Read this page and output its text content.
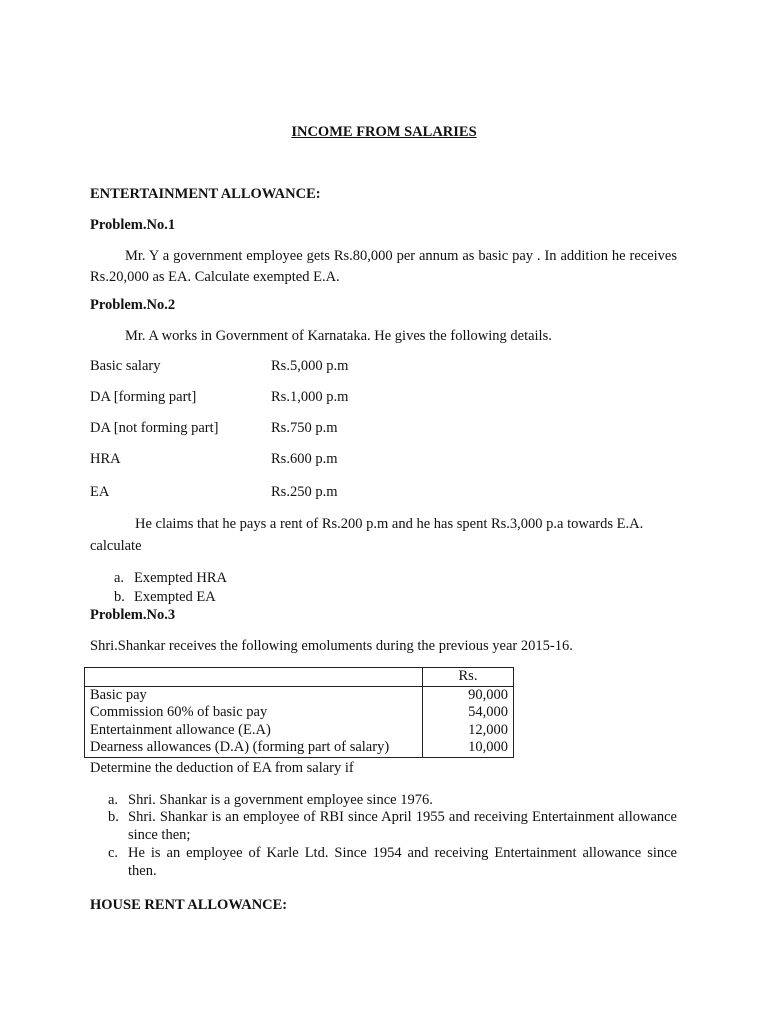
INCOME FROM SALARIES
ENTERTAINMENT ALLOWANCE:
Problem.No.1
Mr. Y a government employee gets Rs.80,000 per annum as basic pay . In addition he receives Rs.20,000 as EA. Calculate exempted E.A.
Problem.No.2
Mr. A works in Government of Karnataka. He gives the following details.
Basic salary	Rs.5,000 p.m
DA [forming part]	Rs.1,000 p.m
DA [not forming part]	Rs.750 p.m
HRA	Rs.600 p.m
EA	Rs.250 p.m
He claims that he pays a rent of Rs.200 p.m and he has spent Rs.3,000 p.a towards E.A.
calculate
a. Exempted HRA
b. Exempted EA
Problem.No.3
Shri.Shankar receives the following emoluments during the previous year 2015-16.
	Rs.
Basic pay	90,000
Commission 60% of basic pay	54,000
Entertainment allowance (E.A)	12,000
Dearness allowances (D.A) (forming part of salary)	10,000
Determine the deduction of EA from salary if
a. Shri. Shankar is a government employee since 1976.
b. Shri. Shankar is an employee of RBI since April 1955 and receiving Entertainment allowance since then;
c. He is an employee of Karle Ltd. Since 1954 and receiving Entertainment allowance since then.
HOUSE RENT ALLOWANCE:
